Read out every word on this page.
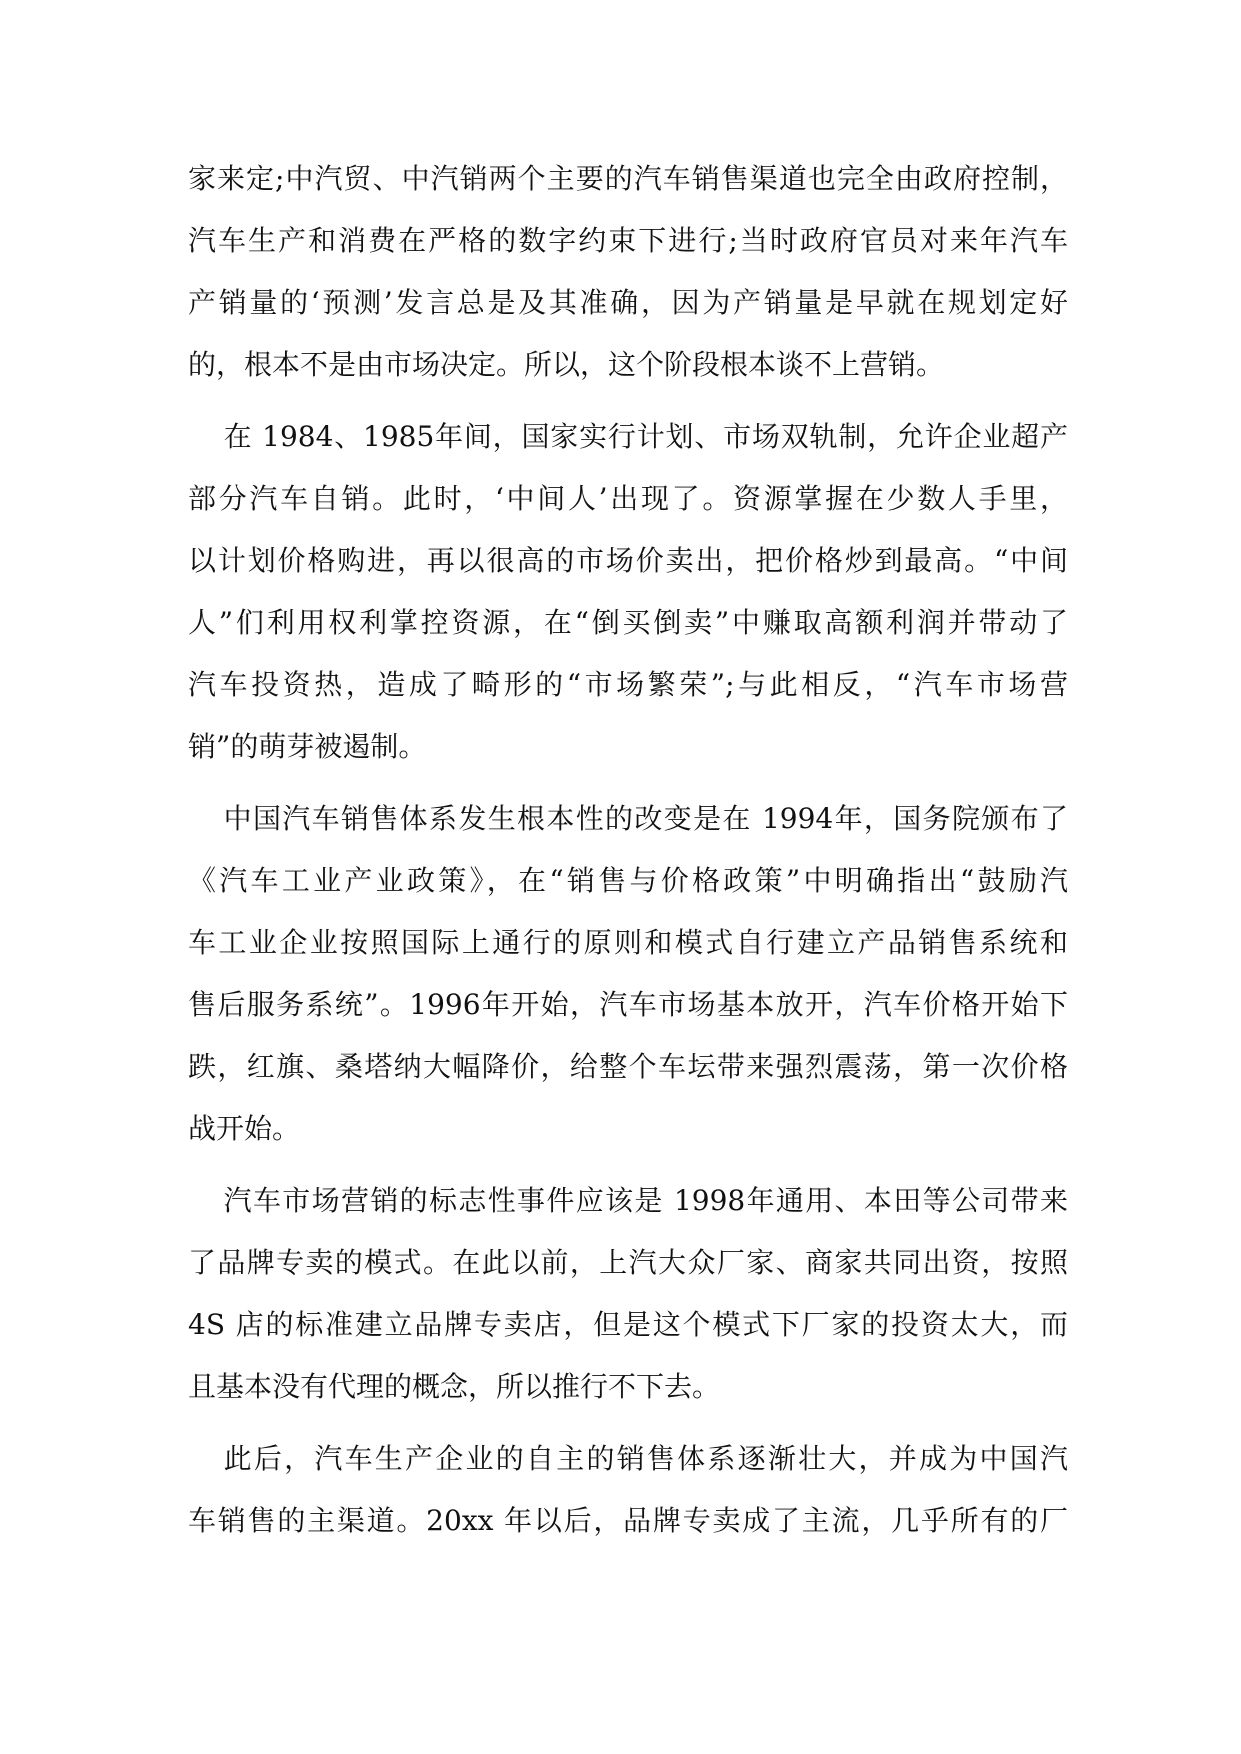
家来定;中汽贸、中汽销两个主要的汽车销售渠道也完全由政府控制，
汽车生产和消费在严格的数字约束下进行;当时政府官员对来年汽车
产销量的‘预测’发言总是及其准确，因为产销量是早就在规划定好
的，根本不是由市场决定。所以，这个阶段根本谈不上营销。
在 1984、1985年间，国家实行计划、市场双轨制，允许企业超产
部分汽车自销。此时，‘中间人’出现了。资源掌握在少数人手里，
以计划价格购进，再以很高的市场价卖出，把价格炒到最高。“中间
人”们利用权利掌控资源，在“倒买倒卖”中赚取高额利润并带动了
汽车投资热，造成了畸形的“市场繁荣”;与此相反，“汽车市场营
销”的萌芽被遏制。
中国汽车销售体系发生根本性的改变是在 1994年，国务院颁布了
《汽车工业产业政策》，在“销售与价格政策”中明确指出“鼓励汽
车工业企业按照国际上通行的原则和模式自行建立产品销售系统和
售后服务系统”。1996年开始，汽车市场基本放开，汽车价格开始下
跌，红旗、桑塔纳大幅降价，给整个车坛带来强烈震荡，第一次价格
战开始。
汽车市场营销的标志性事件应该是 1998年通用、本田等公司带来
了品牌专卖的模式。在此以前，上汽大众厂家、商家共同出资，按照
4S 店的标准建立品牌专卖店，但是这个模式下厂家的投资太大，而
且基本没有代理的概念，所以推行不下去。
此后，汽车生产企业的自主的销售体系逐渐壮大，并成为中国汽
车销售的主渠道。20xx 年以后，品牌专卖成了主流，几乎所有的厂
